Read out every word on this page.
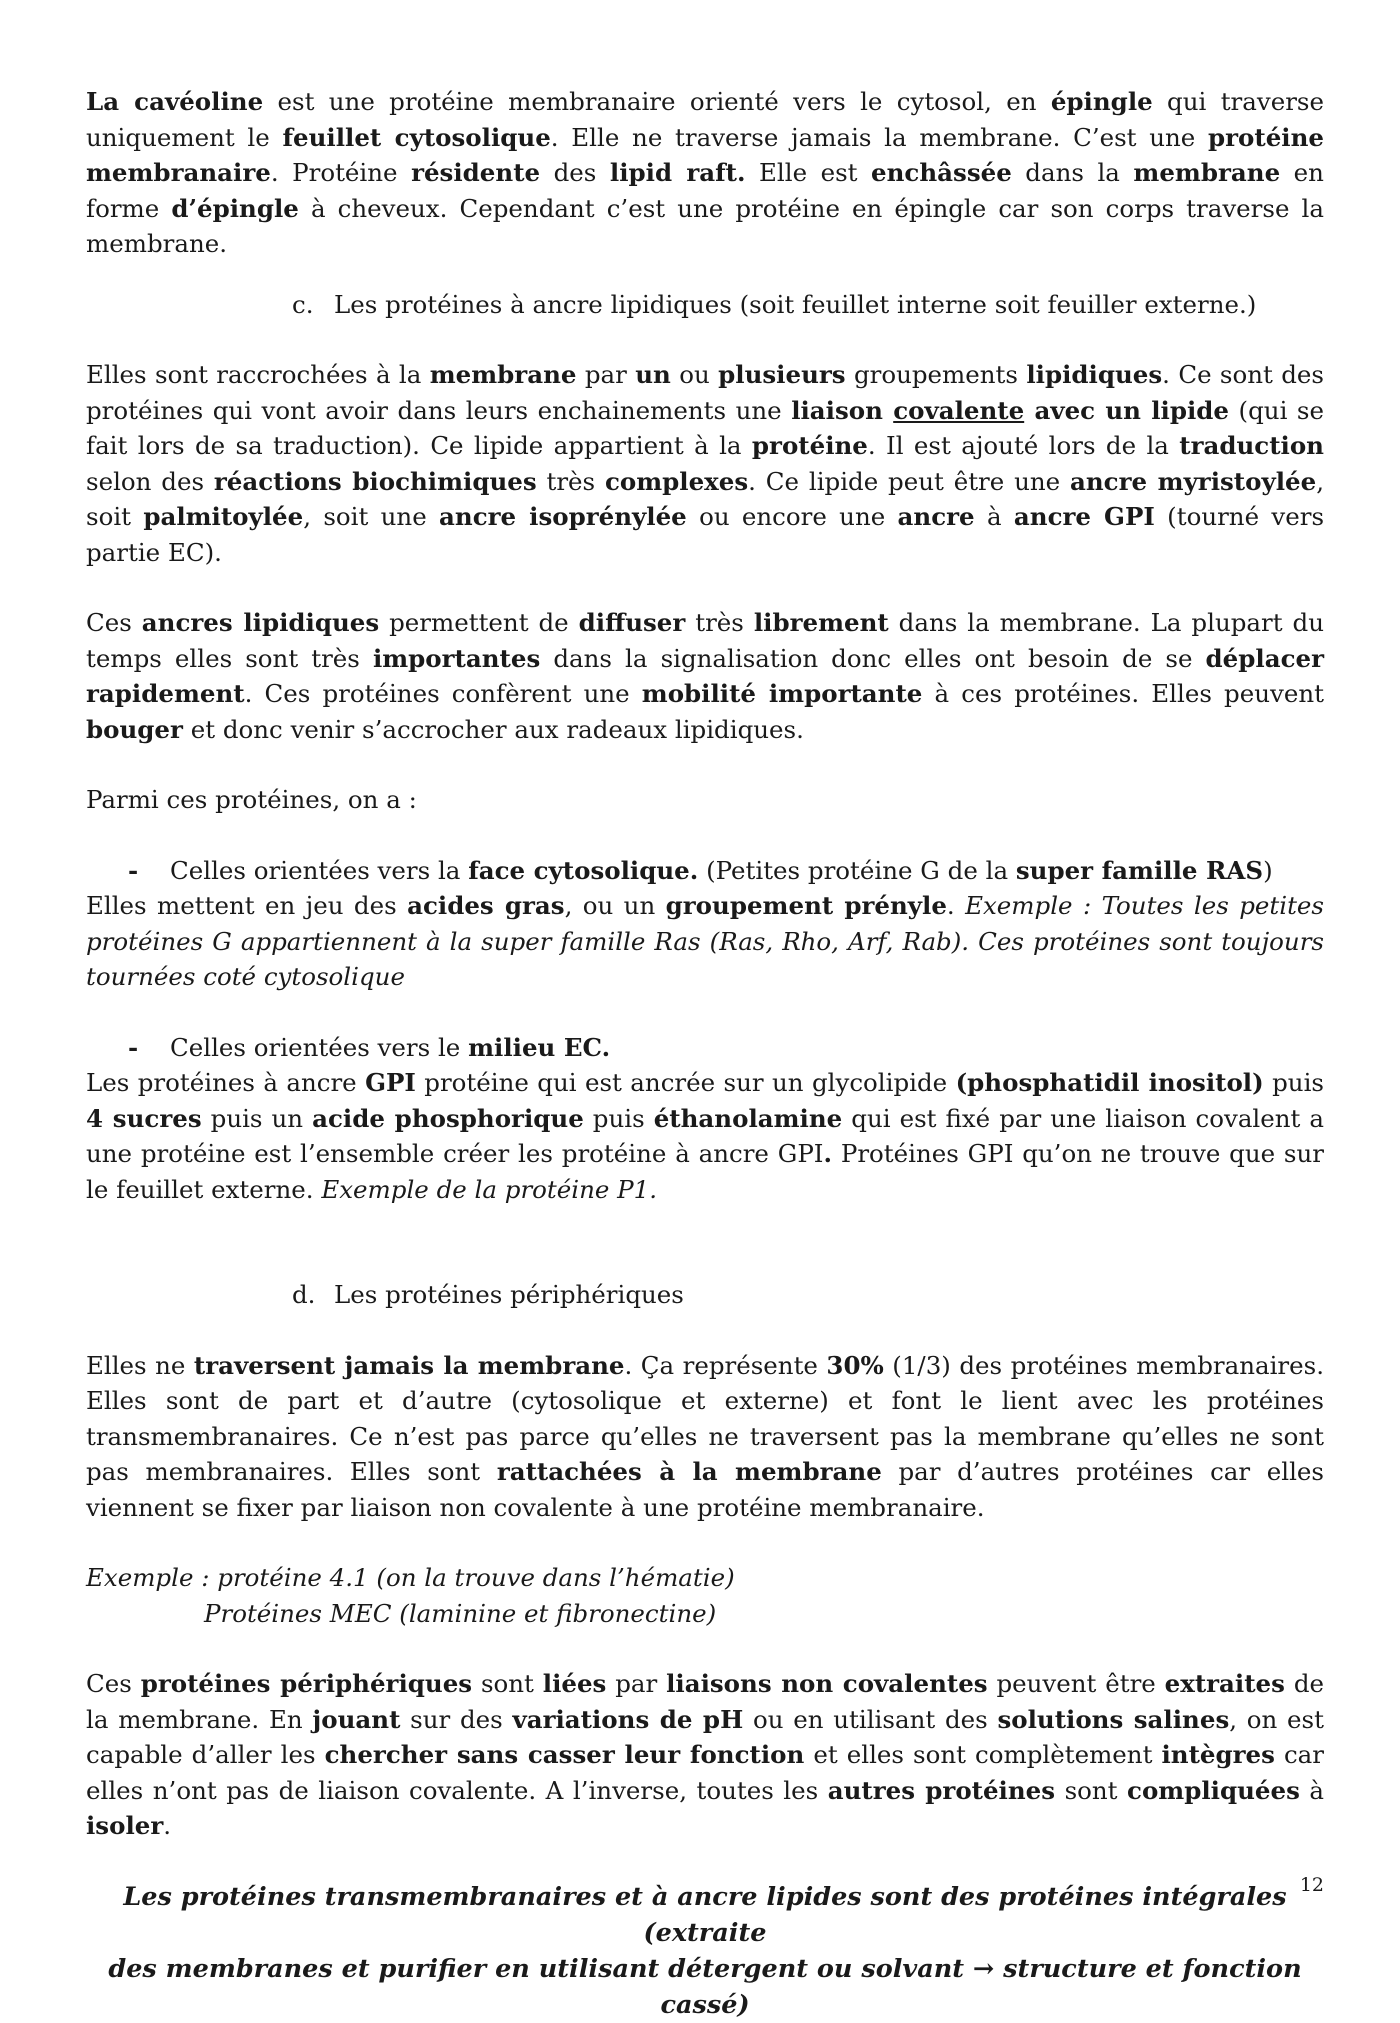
La cavéoline est une protéine membranaire orienté vers le cytosol, en épingle qui traverse uniquement le feuillet cytosolique. Elle ne traverse jamais la membrane. C’est une protéine membranaire. Protéine résidente des lipid raft. Elle est enchâssée dans la membrane en forme d’épingle à cheveux. Cependant c’est une protéine en épingle car son corps traverse la membrane.

c. Les protéines à ancre lipidiques (soit feuillet interne soit feuiller externe.)

Elles sont raccrochées à la membrane par un ou plusieurs groupements lipidiques. Ce sont des protéines qui vont avoir dans leurs enchainements une liaison covalente avec un lipide (qui se fait lors de sa traduction). Ce lipide appartient à la protéine. Il est ajouté lors de la traduction selon des réactions biochimiques très complexes. Ce lipide peut être une ancre myristoylée, soit palmitoylée, soit une ancre isoprénylée ou encore une ancre à ancre GPI (tourné vers partie EC).

Ces ancres lipidiques permettent de diffuser très librement dans la membrane. La plupart du temps elles sont très importantes dans la signalisation donc elles ont besoin de se déplacer rapidement. Ces protéines confèrent une mobilité importante à ces protéines. Elles peuvent bouger et donc venir s’accrocher aux radeaux lipidiques.

Parmi ces protéines, on a :

- Celles orientées vers la face cytosolique. (Petites protéine G de la super famille RAS)

Elles mettent en jeu des acides gras, ou un groupement prényle. Exemple : Toutes les petites protéines G appartiennent à la super famille Ras (Ras, Rho, Arf, Rab). Ces protéines sont toujours tournées coté cytosolique

- Celles orientées vers le milieu EC.

Les protéines à ancre GPI protéine qui est ancrée sur un glycolipide (phosphatidil inositol) puis 4 sucres puis un acide phosphorique puis éthanolamine qui est fixé par une liaison covalent a une protéine est l’ensemble créer les protéine à ancre GPI. Protéines GPI qu’on ne trouve que sur le feuillet externe. Exemple de la protéine P1.

d. Les protéines périphériques

Elles ne traversent jamais la membrane. Ça représente 30% (1/3) des protéines membranaires. Elles sont de part et d’autre (cytosolique et externe) et font le lient avec les protéines transmembranaires. Ce n’est pas parce qu’elles ne traversent pas la membrane qu’elles ne sont pas membranaires. Elles sont rattachées à la membrane par d’autres protéines car elles viennent se fixer par liaison non covalente à une protéine membranaire.

Exemple : protéine 4.1 (on la trouve dans l’hématie)

Protéines MEC (laminine et fibronectine)

Ces protéines périphériques sont liées par liaisons non covalentes peuvent être extraites de la membrane. En jouant sur des variations de pH ou en utilisant des solutions salines, on est capable d’aller les chercher sans casser leur fonction et elles sont complètement intègres car elles n’ont pas de liaison covalente. A l’inverse, toutes les autres protéines sont compliquées à isoler.

Les protéines transmembranaires et à ancre lipides sont des protéines intégrales (extraite
des membranes et purifier en utilisant détergent ou solvant → structure et fonction cassé)
12
